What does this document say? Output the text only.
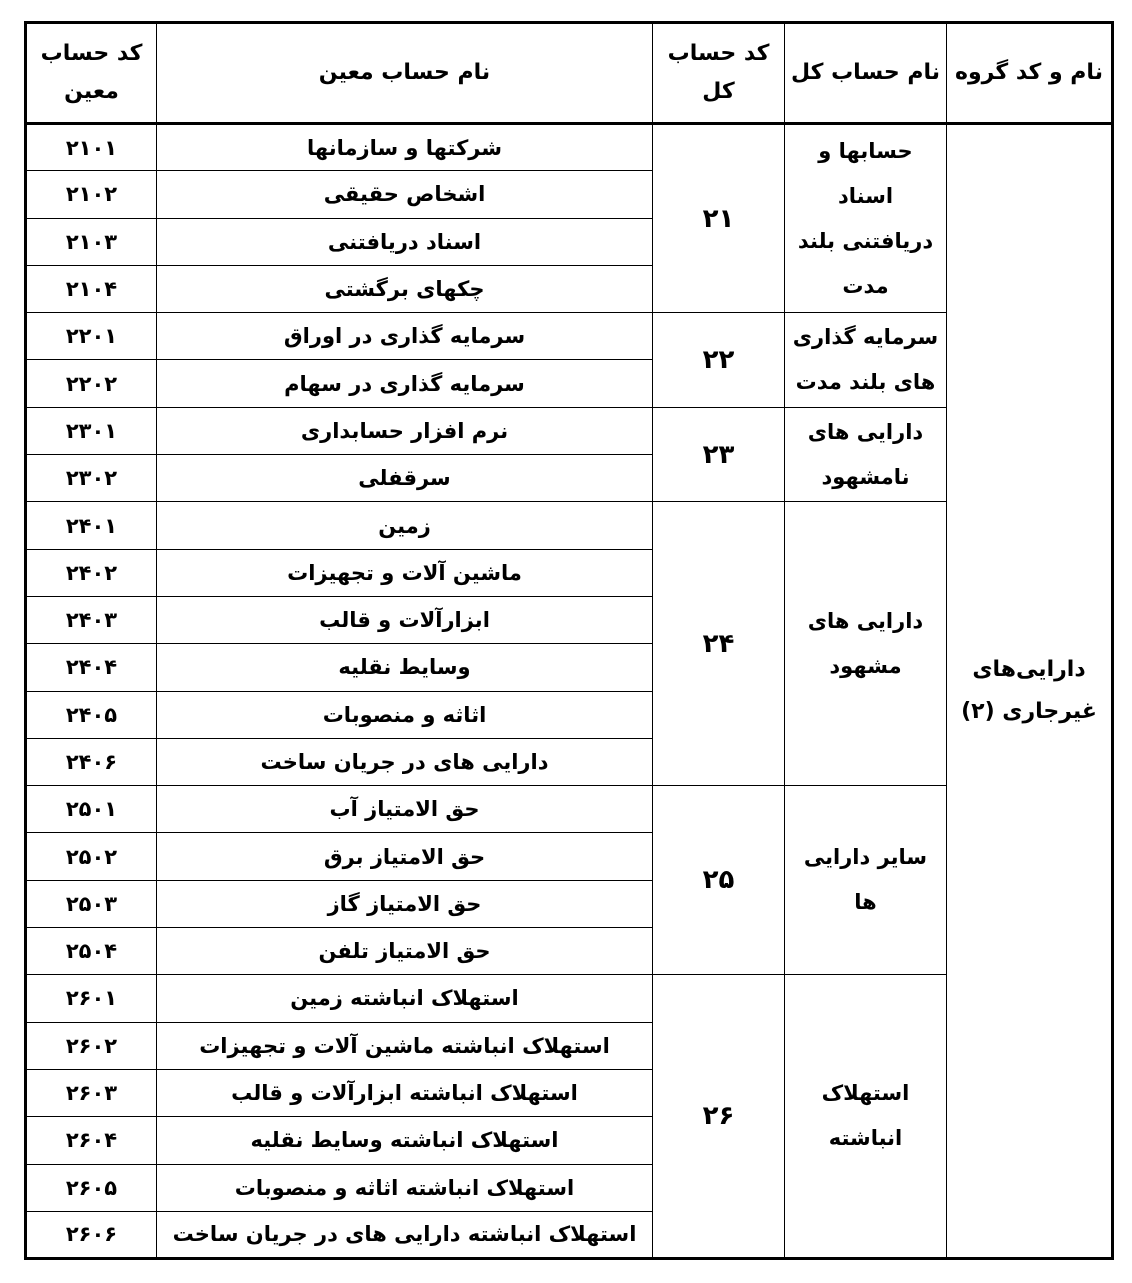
نام و کد گروه	نام حساب کل	کد حساب کل	نام حساب معین	کد حساب معین
دارایی‌های غیرجاری (۲)	حسابها و اسناد دریافتنی بلند مدت	۲۱	شرکتها و سازمانها	۲۱۰۱
			اشخاص حقیقی	۲۱۰۲
			اسناد دریافتنی	۲۱۰۳
			چکهای برگشتی	۲۱۰۴
	سرمایه گذاری های بلند مدت	۲۲	سرمایه گذاری در اوراق	۲۲۰۱
			سرمایه گذاری در سهام	۲۲۰۲
	دارایی های نامشهود	۲۳	نرم افزار حسابداری	۲۳۰۱
			سرقفلی	۲۳۰۲
	دارایی های مشهود	۲۴	زمین	۲۴۰۱
			ماشین آلات و تجهیزات	۲۴۰۲
			ابزارآلات و قالب	۲۴۰۳
			وسایط نقلیه	۲۴۰۴
			اثاثه و منصوبات	۲۴۰۵
			دارایی های در جریان ساخت	۲۴۰۶
	سایر دارایی ها	۲۵	حق الامتیاز آب	۲۵۰۱
			حق الامتیاز برق	۲۵۰۲
			حق الامتیاز گاز	۲۵۰۳
			حق الامتیاز تلفن	۲۵۰۴
	استهلاک انباشته	۲۶	استهلاک انباشته زمین	۲۶۰۱
			استهلاک انباشته ماشین آلات و تجهیزات	۲۶۰۲
			استهلاک انباشته ابزارآلات و قالب	۲۶۰۳
			استهلاک انباشته وسایط نقلیه	۲۶۰۴
			استهلاک انباشته اثاثه و منصوبات	۲۶۰۵
			استهلاک انباشته دارایی های در جریان ساخت	۲۶۰۶
